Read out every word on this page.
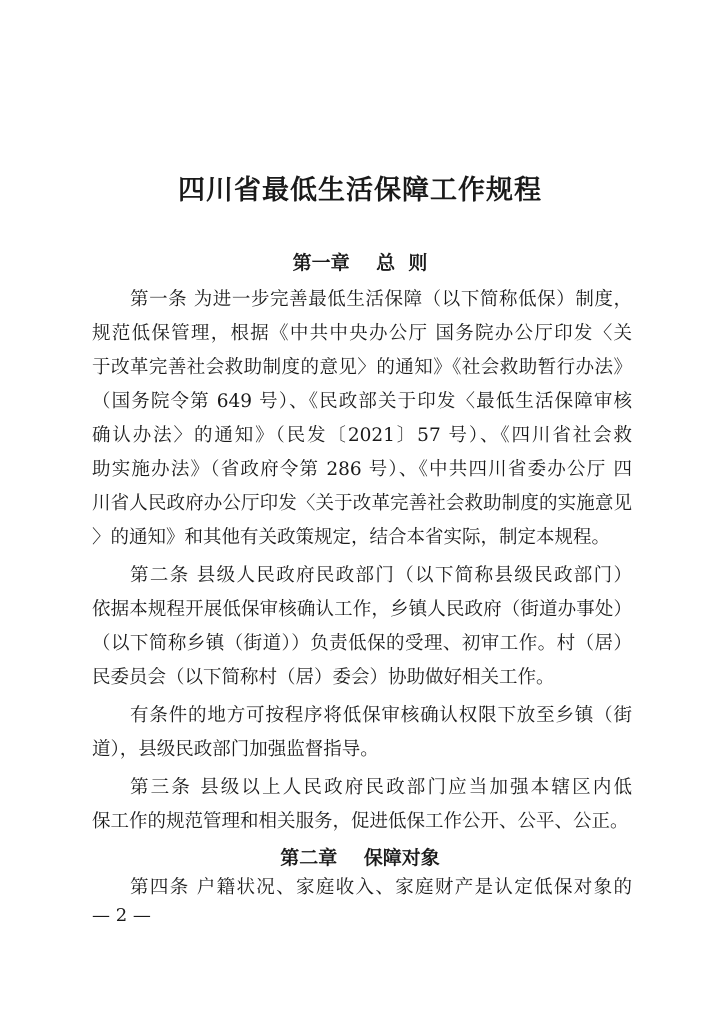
四川省最低生活保障工作规程
第一章    总  则
第一条 为进一步完善最低生活保障（以下简称低保）制度，
规范低保管理，根据《中共中央办公厅 国务院办公厅印发〈关
于改革完善社会救助制度的意见〉的通知》《社会救助暂行办法》
（国务院令第 649 号）、《民政部关于印发〈最低生活保障审核
确认办法〉的通知》（民发〔2021〕57 号）、《四川省社会救
助实施办法》（省政府令第 286 号）、《中共四川省委办公厅 四
川省人民政府办公厅印发〈关于改革完善社会救助制度的实施意见
〉的通知》和其他有关政策规定，结合本省实际，制定本规程。
第二条 县级人民政府民政部门（以下简称县级民政部门）
依据本规程开展低保审核确认工作，乡镇人民政府（街道办事处）
（以下简称乡镇（街道））负责低保的受理、初审工作。村（居）
民委员会（以下简称村（居）委会）协助做好相关工作。
有条件的地方可按程序将低保审核确认权限下放至乡镇（街
道），县级民政部门加强监督指导。
第三条 县级以上人民政府民政部门应当加强本辖区内低
保工作的规范管理和相关服务，促进低保工作公开、公平、公正。
第二章    保障对象
第四条 户籍状况、家庭收入、家庭财产是认定低保对象的
— 2 —
